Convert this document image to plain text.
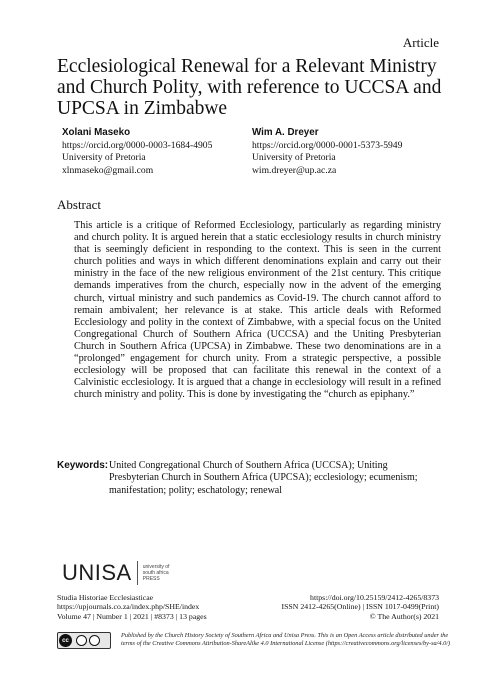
Article
Ecclesiological Renewal for a Relevant Ministry and Church Polity, with reference to UCCSA and UPCSA in Zimbabwe
Xolani Maseko
https://orcid.org/0000-0003-1684-4905
University of Pretoria
xlnmaseko@gmail.com
Wim A. Dreyer
https://orcid.org/0000-0001-5373-5949
University of Pretoria
wim.dreyer@up.ac.za
Abstract

This article is a critique of Reformed Ecclesiology, particularly as regarding ministry and church polity. It is argued herein that a static ecclesiology results in church ministry that is seemingly deficient in responding to the context. This is seen in the current church polities and ways in which different denominations explain and carry out their ministry in the face of the new religious environment of the 21st century. This critique demands imperatives from the church, especially now in the advent of the emerging church, virtual ministry and such pandemics as Covid-19. The church cannot afford to remain ambivalent; her relevance is at stake. This article deals with Reformed Ecclesiology and polity in the context of Zimbabwe, with a special focus on the United Congregational Church of Southern Africa (UCCSA) and the Uniting Presbyterian Church in Southern Africa (UPCSA) in Zimbabwe. These two denominations are in a “prolonged” engagement for church unity. From a strategic perspective, a possible ecclesiology will be proposed that can facilitate this renewal in the context of a Calvinistic ecclesiology. It is argued that a change in ecclesiology will result in a refined church ministry and polity. This is done by investigating the “church as epiphany.”

Keywords: United Congregational Church of Southern Africa (UCCSA); Uniting Presbyterian Church in Southern Africa (UPCSA); ecclesiology; ecumenism; manifestation; polity; eschatology; renewal
UNISA university of south africa PRESS
Studia Historiae Ecclesiasticae
https://upjournals.co.za/index.php/SHE/index
Volume 47 | Number 1 | 2021 | #8373 | 13 pages
https://doi.org/10.25159/2412-4265/8373
ISSN 2412-4265(Online) | ISSN 1017-0499(Print)
© The Author(s) 2021
cc
Published by the Church History Society of Southern Africa and Unisa Press. This is an Open Access article distributed under the terms of the Creative Commons Attribution-ShareAlike 4.0 International License (https://creativecommons.org/licenses/by-sa/4.0/)
